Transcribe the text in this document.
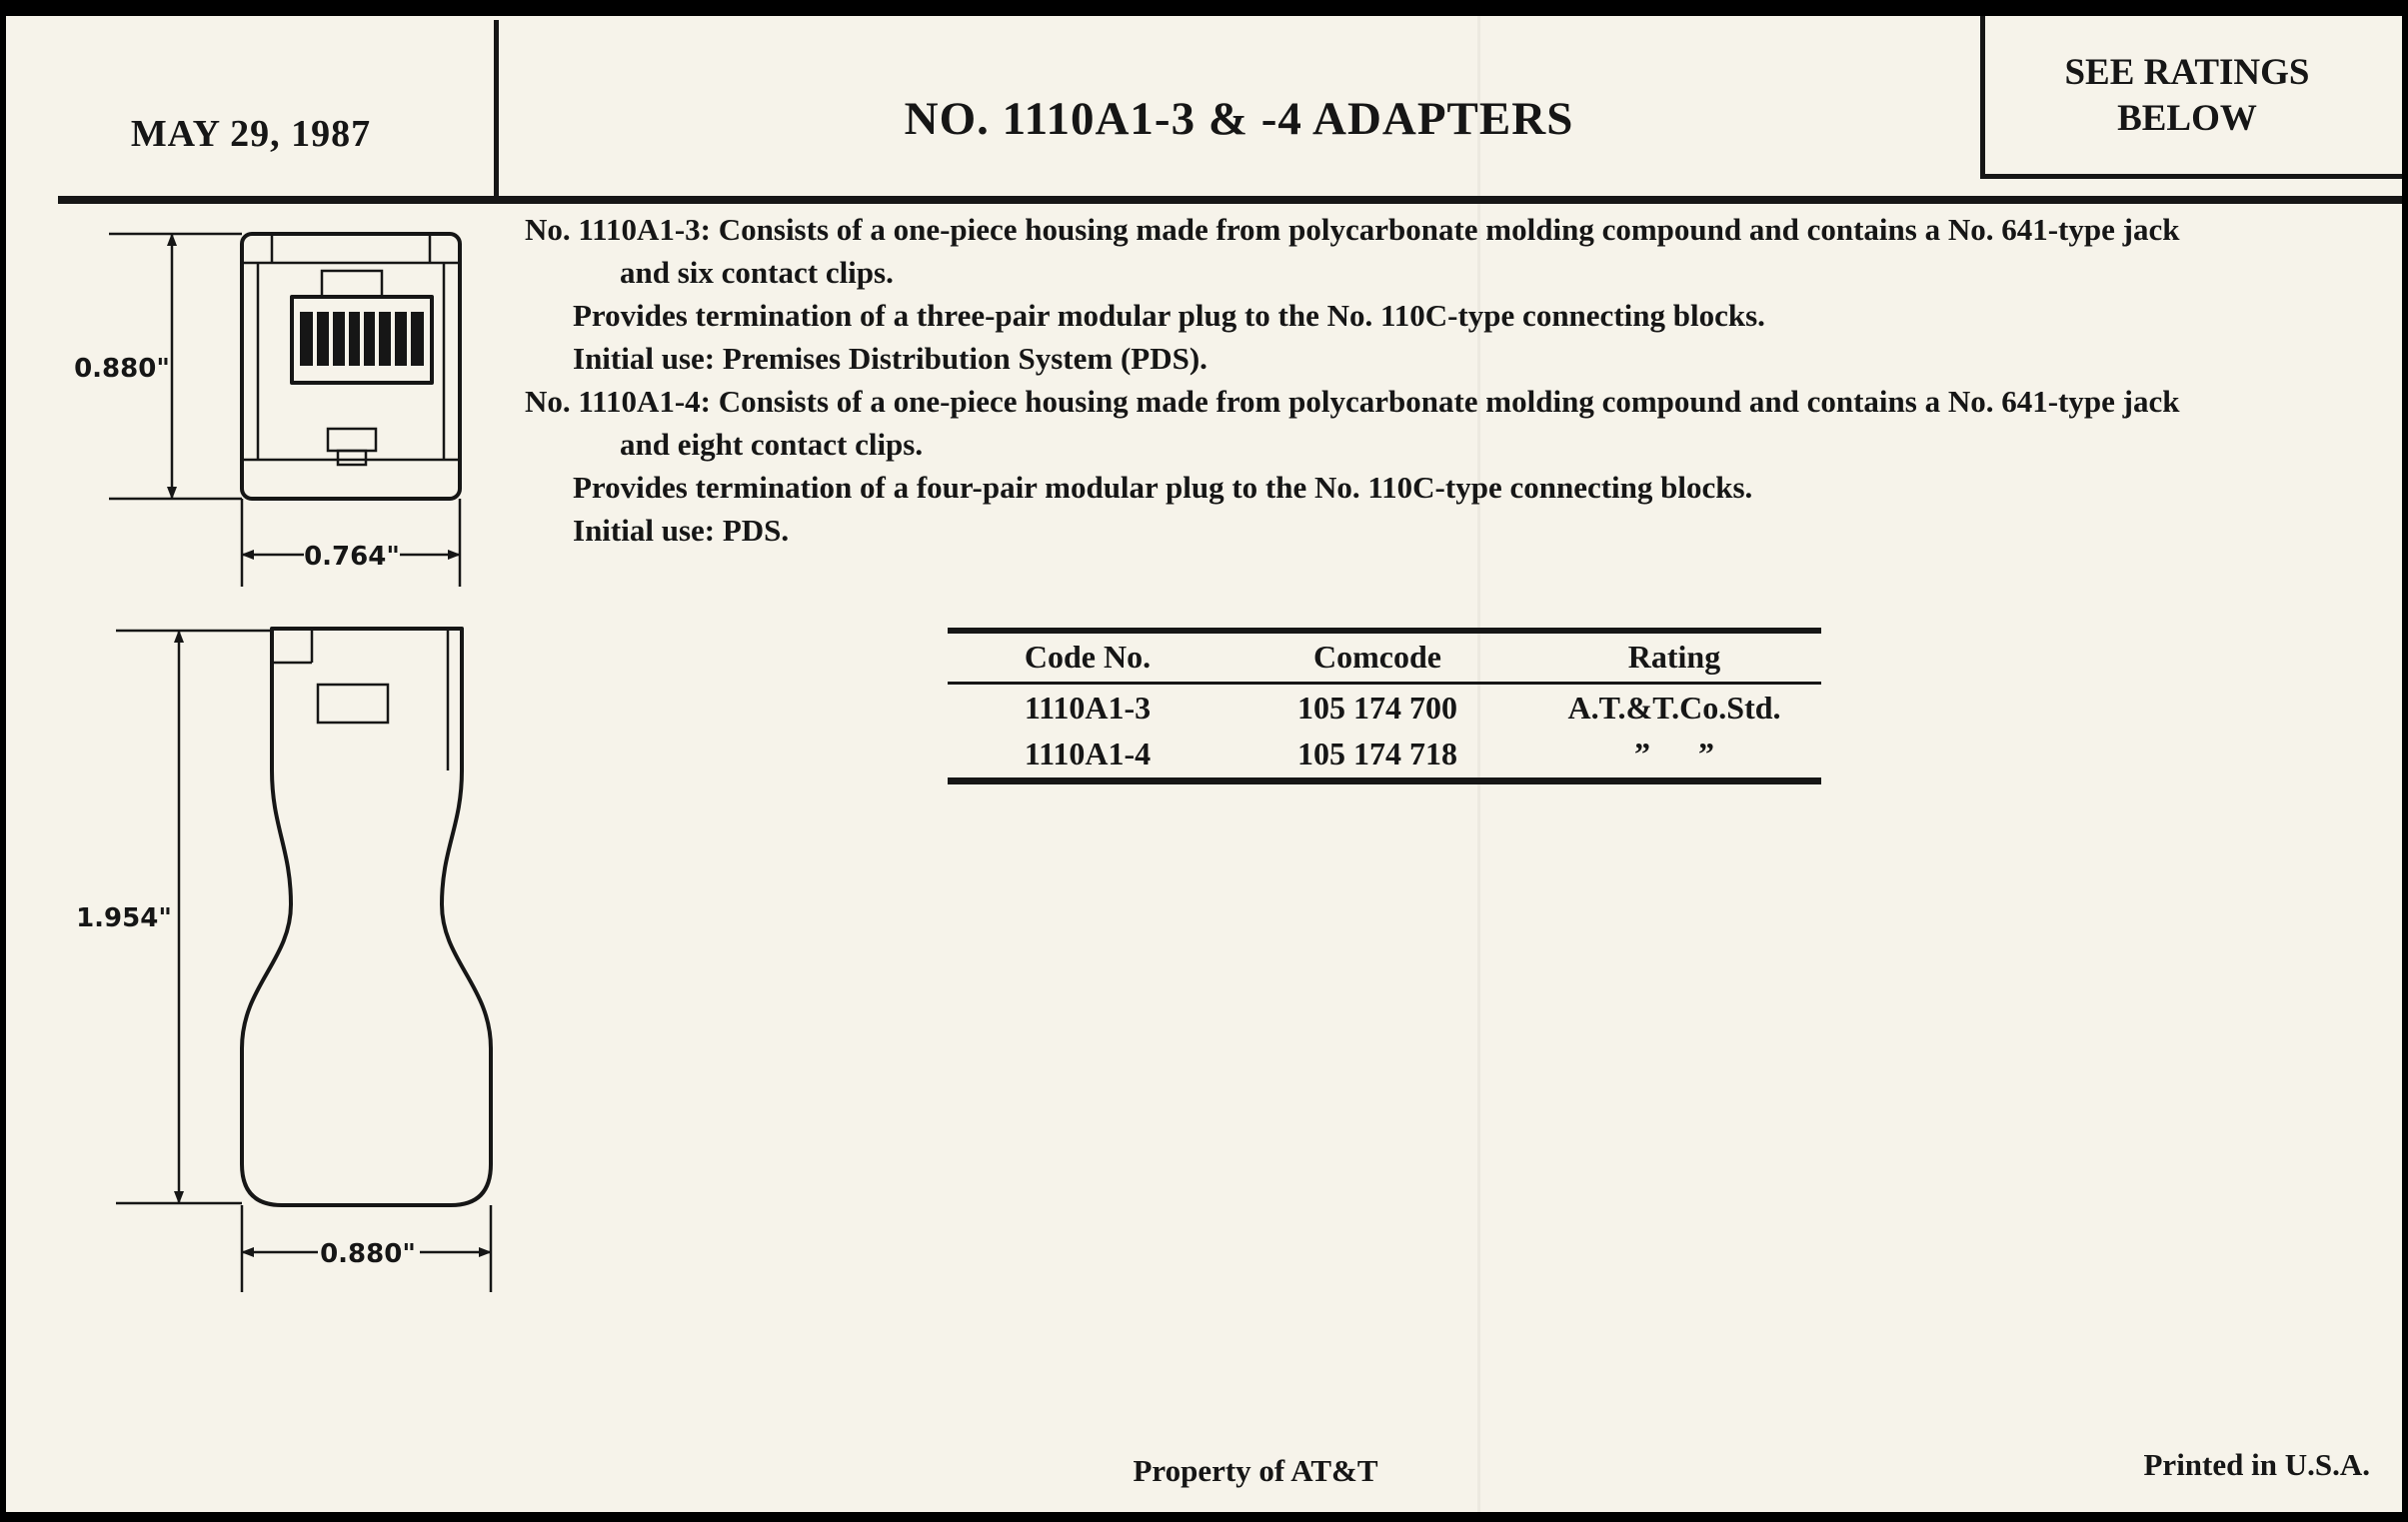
MAY 29, 1987	NO. 1110A1-3 & -4 ADAPTERS
SEE RATINGS
BELOW
No. 1110A1-3: Consists of a one-piece housing made from polycarbonate molding compound and contains a No. 641-type jack
and six contact clips.
Provides termination of a three-pair modular plug to the No. 110C-type connecting blocks.
Initial use: Premises Distribution System (PDS).
No. 1110A1-4: Consists of a one-piece housing made from polycarbonate molding compound and contains a No. 641-type jack
and eight contact clips.
Provides termination of a four-pair modular plug to the No. 110C-type connecting blocks.
Initial use: PDS.
Code No.	Comcode	Rating
1110A1-3	105 174 700	A.T.&T.Co.Std.
1110A1-4	105 174 718	”      ”
0.880"
0.764"
1.954"
0.880"
Property of AT&T	Printed in U.S.A.
